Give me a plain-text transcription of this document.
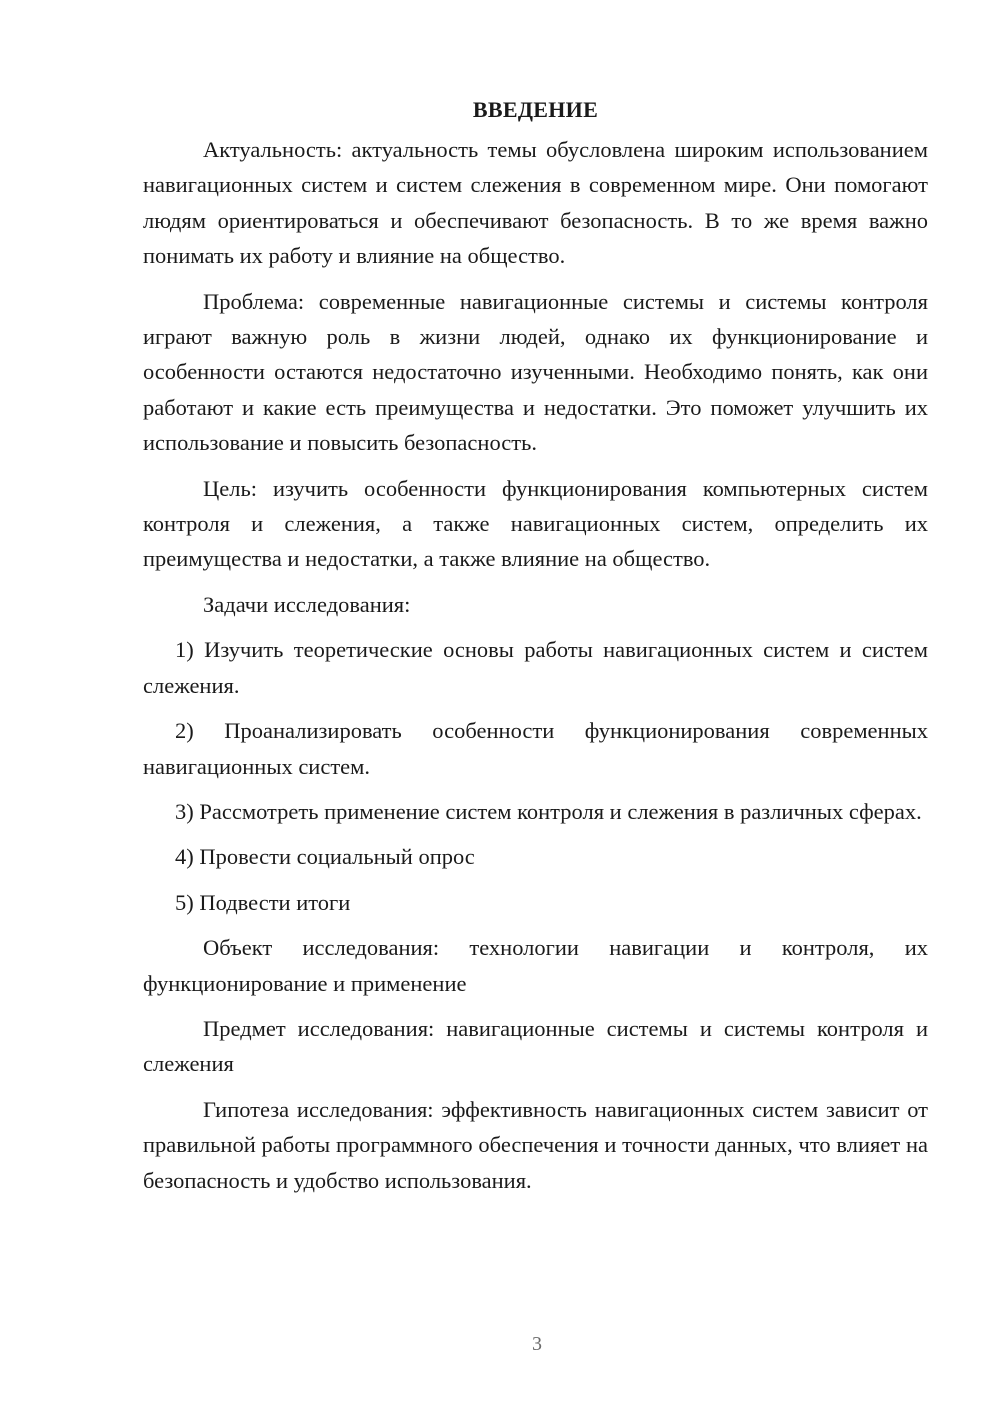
ВВЕДЕНИЕ

Актуальность: актуальность темы обусловлена широким использованием навигационных систем и систем слежения в современном мире. Они помогают людям ориентироваться и обеспечивают безопасность. В то же время важно понимать их работу и влияние на общество.

Проблема: современные навигационные системы и системы контроля играют важную роль в жизни людей, однако их функционирование и особенности остаются недостаточно изученными. Необходимо понять, как они работают и какие есть преимущества и недостатки. Это поможет улучшить их использование и повысить безопасность.

Цель: изучить особенности функционирования компьютерных систем контроля и слежения, а также навигационных систем, определить их преимущества и недостатки, а также влияние на общество.

Задачи исследования:

1) Изучить теоретические основы работы навигационных систем и систем слежения.

2) Проанализировать особенности функционирования современных навигационных систем.

3) Рассмотреть применение систем контроля и слежения в различных сферах.

4) Провести социальный опрос

5) Подвести итоги

Объект исследования: технологии навигации и контроля, их функционирование и применение

Предмет исследования: навигационные системы и системы контроля и слежения

Гипотеза исследования: эффективность навигационных систем зависит от правильной работы программного обеспечения и точности данных, что влияет на безопасность и удобство использования.

3
